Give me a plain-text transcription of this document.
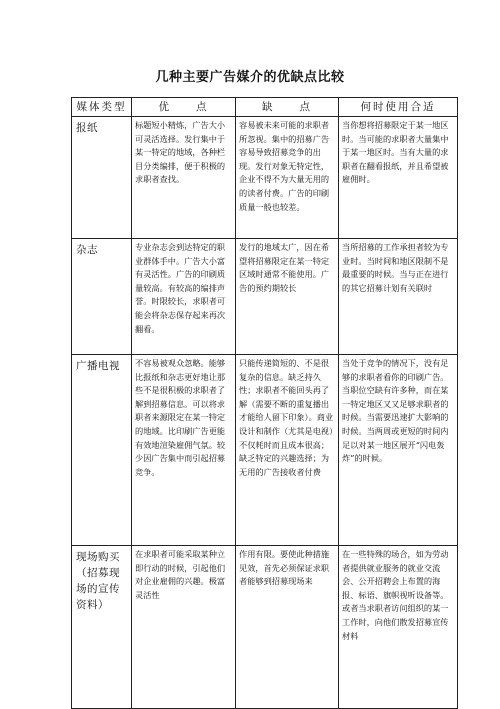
几种主要广告媒介的优缺点比较
媒体类型	优　　点	缺　　点	何时使用合适
报纸	标题短小精炼，广告大小可灵活选择。发行集中于某一特定的地域，各种栏目分类编排，便于积极的求职者查找。	容易被未来可能的求职者所忽视。集中的招募广告容易导致招募竞争的出现。发行对象无特定性，企业不得不为大量无用的的读者付费。广告的印刷质量一般也较差。	当你想将招募限定于某一地区时。当可能的求职者大量集中于某一地区时。当有大量的求职者在翻看报纸，并且希望被雇佣时。
杂志	专业杂志会到达特定的职业群体手中。广告大小富有灵活性。广告的印刷质量较高。有较高的编排声誉。时限较长，求职者可能会将杂志保存起来再次翻看。	发行的地域太广，因在希望将招募限定在某一特定区域时通常不能使用。广告的预约期较长	当所招募的工作承担者较为专业时。当时间和地区限制不是最重要的时候。当与正在进行的其它招募计划有关联时
广播电视	不容易被观众忽略。能够比报纸和杂志更好地让那些不是很积极的求职者了解到招募信息。可以将求职者来源限定在某一特定的地域。比印刷广告更能有效地渲染雇佣气氛。较少因广告集中而引起招募竞争。	只能传递简短的、不是很复杂的信息。缺乏持久性；求职者不能回头再了解（需要不断的重复播出才能给人留下印象）。商业设计和制作（尤其是电视）不仅耗时而且成本很高；缺乏特定的兴趣选择；为无用的广告接收者付费	当处于竞争的情况下，没有足够的求职者看你的印刷广告。当职位空缺有许多种，而在某一特定地区又又足够求职者的时候。当需要迅速扩大影响的时候。当两周或更短的时间内足以对某一地区展开“闪电轰炸”的时候。
现场购买（招募现场的宣传资料）	在求职者可能采取某种立即行动的时候，引起他们对企业雇佣的兴趣。极富灵活性	作用有限。要使此种措施见效，首先必须保证求职者能够到招募现场来	在一些特殊的场合，如为劳动者提供就业服务的就业交流会、公开招聘会上布置的海报、标语、旗帜视听设备等。或者当求职者访问组织的某一工作时，向他们散发招募宣传材料
